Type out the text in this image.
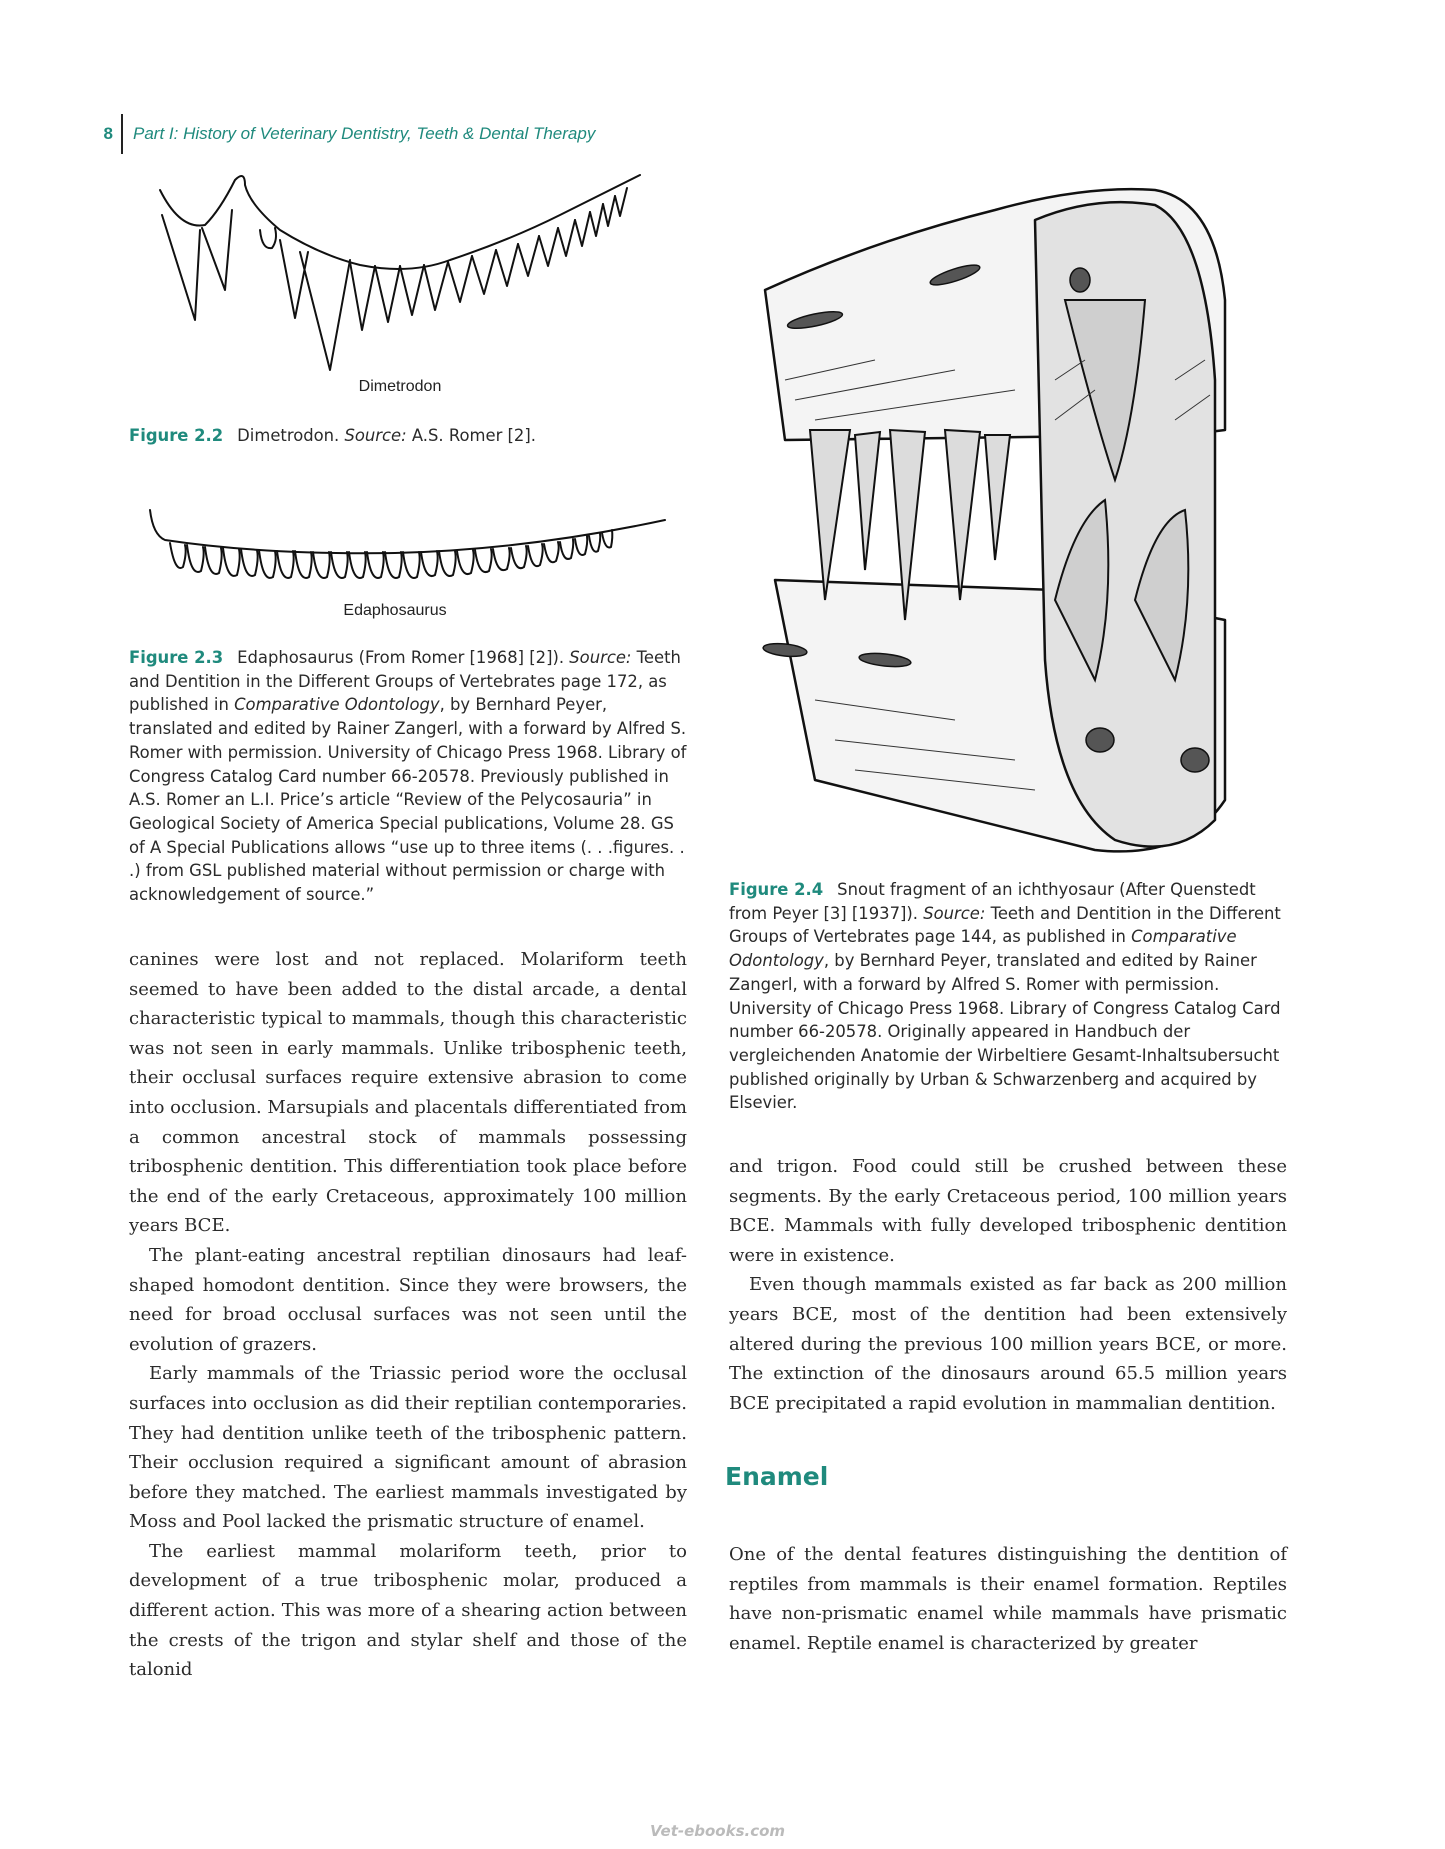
8 Part I: History of Veterinary Dentistry, Teeth & Dental Therapy
Dimetrodon
Figure 2.2 Dimetrodon. Source: A.S. Romer [2].
Edaphosaurus
Figure 2.3 Edaphosaurus (From Romer [1968] [2]). Source: Teeth and Dentition in the Different Groups of Vertebrates page 172, as published in Comparative Odontology, by Bernhard Peyer, translated and edited by Rainer Zangerl, with a forward by Alfred S. Romer with permission. University of Chicago Press 1968. Library of Congress Catalog Card number 66-20578. Previously published in A.S. Romer an L.I. Price’s article “Review of the Pelycosauria” in Geological Society of America Special publications, Volume 28. GS of A Special Publications allows “use up to three items (. . .figures. . .) from GSL published material without permission or charge with acknowledgement of source.”	Figure 2.4 Snout fragment of an ichthyosaur (After Quenstedt from Peyer [3] [1937]). Source: Teeth and Dentition in the Different Groups of Vertebrates page 144, as published in Comparative Odontology, by Bernhard Peyer, translated and edited by Rainer Zangerl, with a forward by Alfred S. Romer with permission. University of Chicago Press 1968. Library of Congress Catalog Card number 66-20578. Originally appeared in Handbuch der vergleichenden Anatomie der Wirbeltiere Gesamt-Inhaltsubersucht published originally by Urban & Schwarzenberg and acquired by Elsevier.

canines were lost and not replaced. Molariform teeth seemed to have been added to the distal arcade, a dental characteristic typical to mammals, though this characteristic was not seen in early mammals. Unlike tribosphenic teeth, their occlusal surfaces require extensive abrasion to come into occlusion. Marsupials and placentals differentiated from a common ancestral stock of mammals possessing tribosphenic dentition. This differentiation took place before the end of the early Cretaceous, approximately 100 million years BCE.

The plant-eating ancestral reptilian dinosaurs had leaf-shaped homodont dentition. Since they were browsers, the need for broad occlusal surfaces was not seen until the evolution of grazers.

Early mammals of the Triassic period wore the occlusal surfaces into occlusion as did their reptilian contemporaries. They had dentition unlike teeth of the tribosphenic pattern. Their occlusion required a significant amount of abrasion before they matched. The earliest mammals investigated by Moss and Pool lacked the prismatic structure of enamel.

The earliest mammal molariform teeth, prior to development of a true tribosphenic molar, produced a different action. This was more of a shearing action between the crests of the trigon and stylar shelf and those of the talonid

and trigon. Food could still be crushed between these segments. By the early Cretaceous period, 100 million years BCE. Mammals with fully developed tribosphenic dentition were in existence.

Even though mammals existed as far back as 200 million years BCE, most of the dentition had been extensively altered during the previous 100 million years BCE, or more. The extinction of the dinosaurs around 65.5 million years BCE precipitated a rapid evolution in mammalian dentition.

Enamel

One of the dental features distinguishing the dentition of reptiles from mammals is their enamel formation. Reptiles have non-prismatic enamel while mammals have prismatic enamel. Reptile enamel is characterized by greater

Vet-ebooks.com
